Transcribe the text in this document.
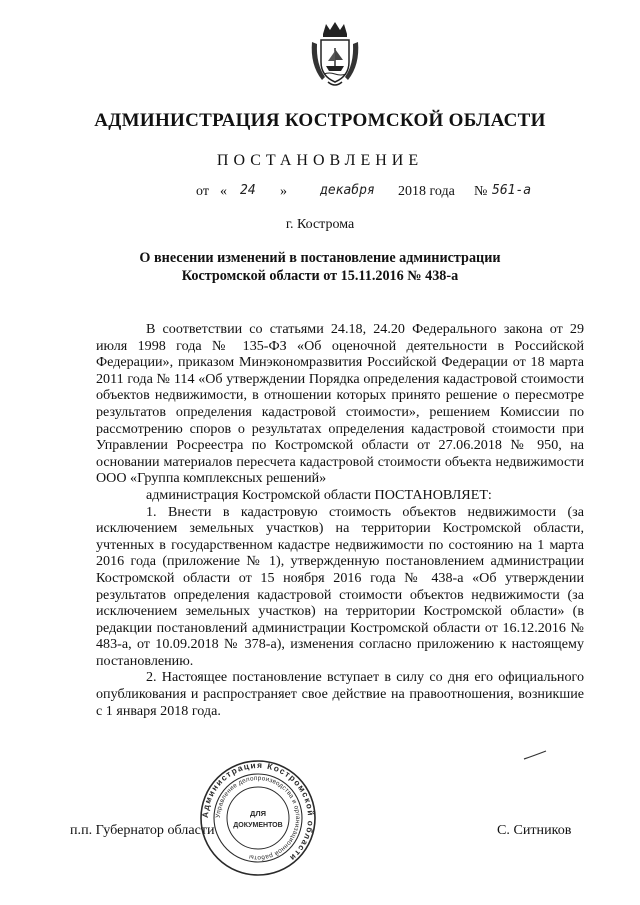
АДМИНИСТРАЦИЯ КОСТРОМСКОЙ ОБЛАСТИ
ПОСТАНОВЛЕНИЕ
от « 24 »	декабря 2018 года № 561-а
г. Кострома
О внесении изменений в постановление администрации
Костромской области от 15.11.2016 № 438-а

В соответствии со статьями 24.18, 24.20 Федерального закона от 29 июля 1998 года № 135-ФЗ «Об оценочной деятельности в Российской Федерации», приказом Минэкономразвития Российской Федерации от 18 марта 2011 года № 114 «Об утверждении Порядка определения кадастровой стоимости объектов недвижимости, в отношении которых принято решение о пересмотре результатов определения кадастровой стоимости», решением Комиссии по рассмотрению споров о результатах определения кадастровой стоимости при Управлении Росреестра по Костромской области от 27.06.2018 № 950, на основании материалов пересчета кадастровой стоимости объекта недвижимости ООО «Группа комплексных решений»

администрация Костромской области ПОСТАНОВЛЯЕТ:

1. Внести в кадастровую стоимость объектов недвижимости (за исключением земельных участков) на территории Костромской области, учтенных в государственном кадастре недвижимости по состоянию на 1 марта 2016 года (приложение № 1), утвержденную постановлением администрации Костромской области от 15 ноября 2016 года № 438-а «Об утверждении результатов определения кадастровой стоимости объектов недвижимости (за исключением земельных участков) на территории Костромской области» (в редакции постановлений администрации Костромской области от 16.12.2016 № 483-а, от 10.09.2018 № 378-а), изменения согласно приложению к настоящему постановлению.

2. Настоящее постановление вступает в силу со дня его официального опубликования и распространяет свое действие на правоотношения, возникшие с 1 января 2018 года.

п.п. Губернатор области	С. Ситников
Администрация Костромской области
Управление делопроизводства и организационной работы
ДЛЯ
ДОКУМЕНТОВ
